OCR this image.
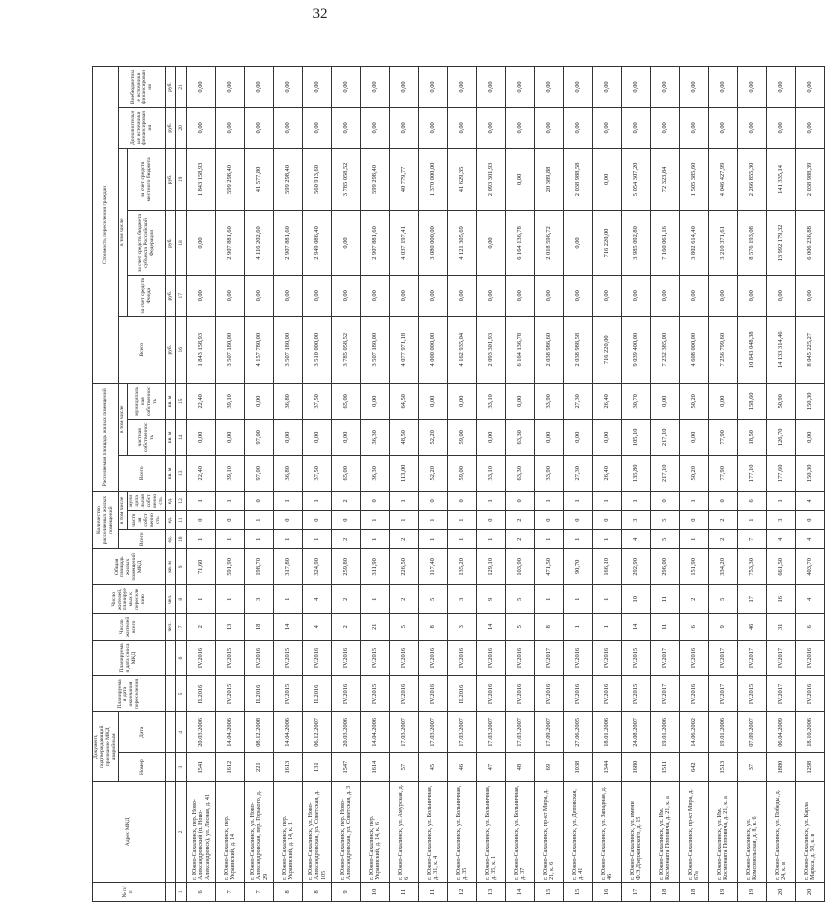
32
№ п/п	Адрес МКД	Документ, подтверждающий признание МКД аварийным		Планируемая дата окончания переселения	Планируемая дата сноса МКД	Число жителей всего	Число жителей, планируемых к переселению	Общая площадь жилых помещений МКД	Количество расселяемых жилых помещений			Расселяемая площадь жилых помещений			Стоимость переселения граждан					
		Номер	Дата						Всего	в том числе		Всего	в том числе		Всего	в том числе			Дополнительные источники финансирования	Внебюджетные источники финансирования
										частная собственность	муниципальная собственность		частная собственность	муниципальная собственность		за счет средств Фонда	за счет средств бюджета субъекта Российской Федерации	за счет средств местного бюджета		
						чел.	чел.	кв. м	ед.	ед.	ед.	кв. м	кв. м	кв. м	руб.	руб.	руб.	руб.	руб.	руб.
1	2	3	4	5	6	7	8	9	10	11	12	13	14	15	16	17	18	19	20	21
6	г. Южно-Сахалинск, пер. Ново-Александровский (п. Ново-Александровск), ул. Лесная, д. 41	1541	20.03.2006	II.2016	IV.2016	2	1	71,60	1	0	1	22,40	0,00	22,40	1 843 158,93	0,00	0,00	1 843 158,93	0,00	0,00
7	г. Южно-Сахалинск, пер. Украинский, д. 14	1612	14.04.2006	IV.2015	IV.2015	13	1	591,90	1	0	1	39,10	0,00	39,10	3 507 180,00	0,00	2 907 881,60	599 298,40	0,00	0,00
7	г. Южно-Сахалинск, ул. Ново-Александровская, пер. Горького, д. 29	221	08.12.2008	II.2016	IV.2016	18	3	198,70	1	1	0	97,00	97,00	0,00	4 157 780,00	0,00	4 116 202,60	41 577,80	0,00	0,00
8	г. Южно-Сахалинск, пер. Украинский, д. 14, к. 1	1613	14.04.2006	IV.2015	IV.2015	14	1	317,80	1	0	1	36,80	0,00	36,80	3 507 180,00	0,00	2 907 881,60	599 298,40	0,00	0,00
8	г. Южно-Сахалинск, ул. Ново-Александровская, ул. Советская, д. 105	131	06.12.2007	II.2016	IV.2016	4	4	324,90	1	0	1	37,50	0,00	37,50	3 510 000,00	0,00	2 949 086,40	560 913,60	0,00	0,00
9	г. Южно-Сахалинск, пер. Ново-Александровская, ул. Советская, д. 3	1547	20.03.2006	IV.2016	IV.2016	2	2	259,80	2	0	2	65,00	0,00	65,00	3 785 058,52	0,00	0,00	3 785 058,52	0,00	0,00
10	г. Южно-Сахалинск, пер. Украинский, д. 14, к. 6	1614	14.04.2006	IV.2015	IV.2015	21	1	311,90	1	1	0	36,30	36,30	0,00	3 507 180,00	0,00	2 907 881,60	599 298,40	0,00	0,00
11	г. Южно-Сахалинск, ул. Амурская, д. 6	57	17.03.2007	IV.2016	IV.2016	5	2	226,50	2	1	1	113,00	48,50	64,50	4 077 971,18	0,00	4 037 197,41	40 779,77	0,00	0,00
11	г. Южно-Сахалинск, ул. Больничная, д. 31, к. 4	45	17.03.2007	IV.2016	IV.2016	8	5	117,40	1	1	0	52,20	52,20	0,00	4 000 000,00	0,00	3 080 000,00	1 370 000,00	0,00	0,00
12	г. Южно-Сахалинск, ул. Больничная, д. 35	46	17.03.2007	II.2016	IV.2016	3	3	135,20	1	1	0	59,00	59,00	0,00	4 162 935,04	0,00	4 121 305,69	41 629,35	0,00	0,00
13	г. Южно-Сахалинск, ул. Больничная, д. 35, к. 1	47	17.03.2007	IV.2016	IV.2016	14	9	129,10	1	0	1	33,10	0,00	33,10	2 093 301,93	0,00	0,00	2 093 301,93	0,00	0,00
14	г. Южно-Сахалинск, ул. Больничная, д. 37	48	17.03.2007	IV.2016	IV.2016	5	5	103,90	2	2	0	63,30	63,30	0,00	6 164 136,78	0,00	6 164 136,78	0,00	0,00	0,00
15	г. Южно-Сахалинск, пр-кт Мира, д. 21, к. 6	69	17.09.2007	IV.2016	IV.2017	8	1	471,50	1	0	1	33,90	0,00	33,90	2 038 986,60	0,00	2 018 596,72	20 389,88	0,00	0,00
15	г. Южно-Сахалинск, ул. Деповская, д. 41	1038	27.06.2005	IV.2016	IV.2016	1	1	90,70	1	0	1	27,30	0,00	27,30	2 038 988,58	0,00	0,00	2 038 988,58	0,00	0,00
16	г. Южно-Сахалинск, ул. Западная, д. 46	1344	18.01.2006	IV.2016	IV.2016	1	1	166,10	1	0	1	26,40	0,00	26,40	716 220,00	0,00	716 220,00	0,00	0,00	0,00
17	г. Южно-Сахалинск, ул. имени Ф.Э.Дзержинского, д. 15	1680	24.08.2007	IV.2015	IV.2015	14	10	292,90	4	3	1	135,80	105,10	30,70	9 039 400,00	0,00	3 985 092,80	5 054 307,20	0,00	0,00
18	г. Южно-Сахалинск, ул. Им. Космонавта Поповича, д. 21, к. а	1511	19.01.2006	IV.2017	IV.2017	11	11	296,00	5	5	0	217,10	217,10	0,00	7 232 385,00	0,00	7 160 061,16	72 323,84	0,00	0,00
18	г. Южно-Сахалинск, пр-кт Мира, д. 67а	642	14.06.2002	IV.2016	IV.2016	6	2	151,90	1	0	1	50,20	0,00	50,20	4 608 000,00	0,00	3 802 614,40	1 505 385,60	0,00	0,00
19	г. Южно-Сахалинск, ул. Им. Космонавта Поповича, д. 21, к. а	1513	19.01.2006	IV.2017	IV.2017	9	5	334,20	2	2	0	77,90	77,90	0,00	7 256 799,60	0,00	3 210 371,61	4 046 427,99	0,00	0,00
19	г. Южно-Сахалинск, ул. Комсомольская, д. 8, к. 6	37	07.09.2007	IV.2015	IV.2017	46	17	753,30	7	1	6	177,10	18,50	158,60	10 843 048,38	0,00	8 576 193,08	2 266 855,30	0,00	0,00
20	г. Южно-Сахалинск, ул. Победы, д. 24, к. в	1880	06.04.2009	IV.2017	IV.2017	31	16	661,50	4	3	1	177,60	126,70	50,90	14 133 314,46	0,00	13 992 179,32	141 335,14	0,00	0,00
20	г. Южно-Сахалинск, ул. Карла Маркса, д. 50, к. в	1298	18.10.2006	IV.2016	IV.2016	6	4	403,70	4	0	4	150,30	0,00	150,30	8 045 225,27	0,00	6 006 236,88	2 038 988,39	0,00	0,00
